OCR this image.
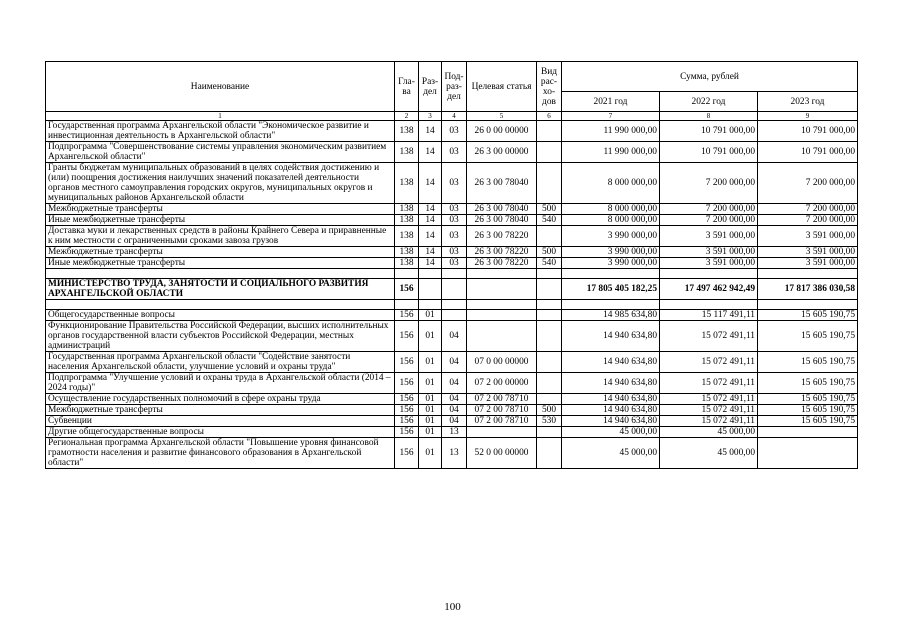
Наименование	Гла-ва	Раз-дел	Под-раз-дел	Целевая статья	Вид рас-хо-дов	Сумма, рублей		
						2021 год	2022 год	2023 год
1	2	3	4	5	6	7	8	9
Государственная программа Архангельской области "Экономическое развитие и инвестиционная деятельность в Архангельской области"	138	14	03	26 0 00 00000		11 990 000,00	10 791 000,00	10 791 000,00
Подпрограмма "Совершенствование системы управления экономическим развитием Архангельской области"	138	14	03	26 3 00 00000		11 990 000,00	10 791 000,00	10 791 000,00
Гранты бюджетам муниципальных образований в целях содействия достижению и (или) поощрения достижения наилучших значений показателей деятельности органов местного самоуправления городских округов, муниципальных округов и муниципальных районов Архангельской области	138	14	03	26 3 00 78040		8 000 000,00	7 200 000,00	7 200 000,00
Межбюджетные трансферты	138	14	03	26 3 00 78040	500	8 000 000,00	7 200 000,00	7 200 000,00
Иные межбюджетные трансферты	138	14	03	26 3 00 78040	540	8 000 000,00	7 200 000,00	7 200 000,00
Доставка муки и лекарственных средств в районы Крайнего Севера и приравненные к ним местности с ограниченными сроками завоза грузов	138	14	03	26 3 00 78220		3 990 000,00	3 591 000,00	3 591 000,00
Межбюджетные трансферты	138	14	03	26 3 00 78220	500	3 990 000,00	3 591 000,00	3 591 000,00
Иные межбюджетные трансферты	138	14	03	26 3 00 78220	540	3 990 000,00	3 591 000,00	3 591 000,00

МИНИСТЕРСТВО ТРУДА, ЗАНЯТОСТИ И СОЦИАЛЬНОГО РАЗВИТИЯ АРХАНГЕЛЬСКОЙ ОБЛАСТИ	156					17 805 405 182,25	17 497 462 942,49	17 817 386 030,58

Общегосударственные вопросы	156	01				14 985 634,80	15 117 491,11	15 605 190,75
Функционирование Правительства Российской Федерации, высших исполнительных органов государственной власти субъектов Российской Федерации, местных администраций	156	01	04			14 940 634,80	15 072 491,11	15 605 190,75
Государственная программа Архангельской области "Содействие занятости населения Архангельской области, улучшение условий и охраны труда"	156	01	04	07 0 00 00000		14 940 634,80	15 072 491,11	15 605 190,75
Подпрограмма "Улучшение условий и охраны труда в Архангельской области (2014 – 2024 годы)"	156	01	04	07 2 00 00000		14 940 634,80	15 072 491,11	15 605 190,75
Осуществление государственных полномочий в сфере охраны труда	156	01	04	07 2 00 78710		14 940 634,80	15 072 491,11	15 605 190,75
Межбюджетные трансферты	156	01	04	07 2 00 78710	500	14 940 634,80	15 072 491,11	15 605 190,75
Субвенции	156	01	04	07 2 00 78710	530	14 940 634,80	15 072 491,11	15 605 190,75
Другие общегосударственные вопросы	156	01	13			45 000,00	45 000,00	
Региональная программа Архангельской области "Повышение уровня финансовой грамотности населения и развитие финансового образования в Архангельской области"	156	01	13	52 0 00 00000		45 000,00	45 000,00	
100
